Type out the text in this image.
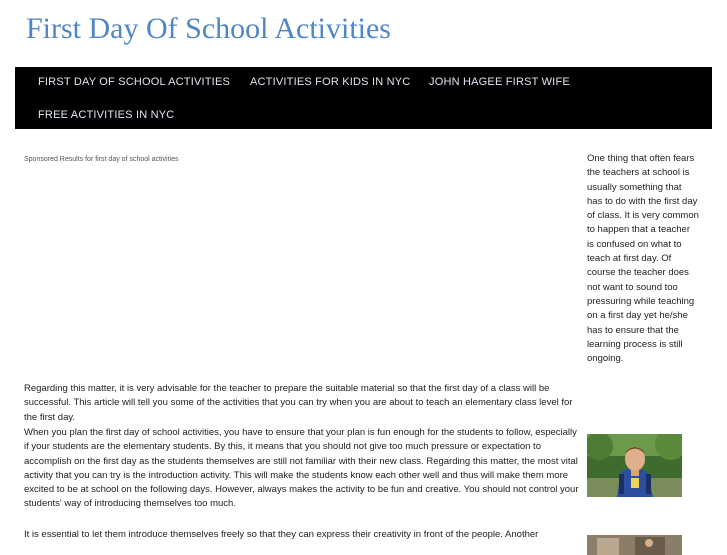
First Day Of School Activities
FIRST DAY OF SCHOOL ACTIVITIES ACTIVITIES FOR KIDS IN NYC JOHN HAGEE FIRST WIFE
FREE ACTIVITIES IN NYC
Sponsored Results for first day of school activities	One thing that often fears the teachers at school is usually something that has to do with the first day of class. It is very common to happen that a teacher is confused on what to teach at first day. Of course the teacher does not want to sound too pressuring while teaching on a first day yet he/she has to ensure that the learning process is still ongoing.

Regarding this matter, it is very advisable for the teacher to prepare the suitable material so that the first day of a class will be successful. This article will tell you some of the activities that you can try when you are about to teach an elementary class level for the first day.

When you plan the first day of school activities, you have to ensure that your plan is fun enough for the students to follow, especially if your students are the elementary students. By this, it means that you should not give too much pressure or expectation to accomplish on the first day as the students themselves are still not familiar with their new class. Regarding this matter, the most vital activity that you can try is the introduction activity. This will make the students know each other well and thus will make them more excited to be at school on the following days. However, always makes the activity to be fun and creative. You should not control your students' way of introducing themselves too much.

It is essential to let them introduce themselves freely so that they can express their creativity in front of the people. Another
